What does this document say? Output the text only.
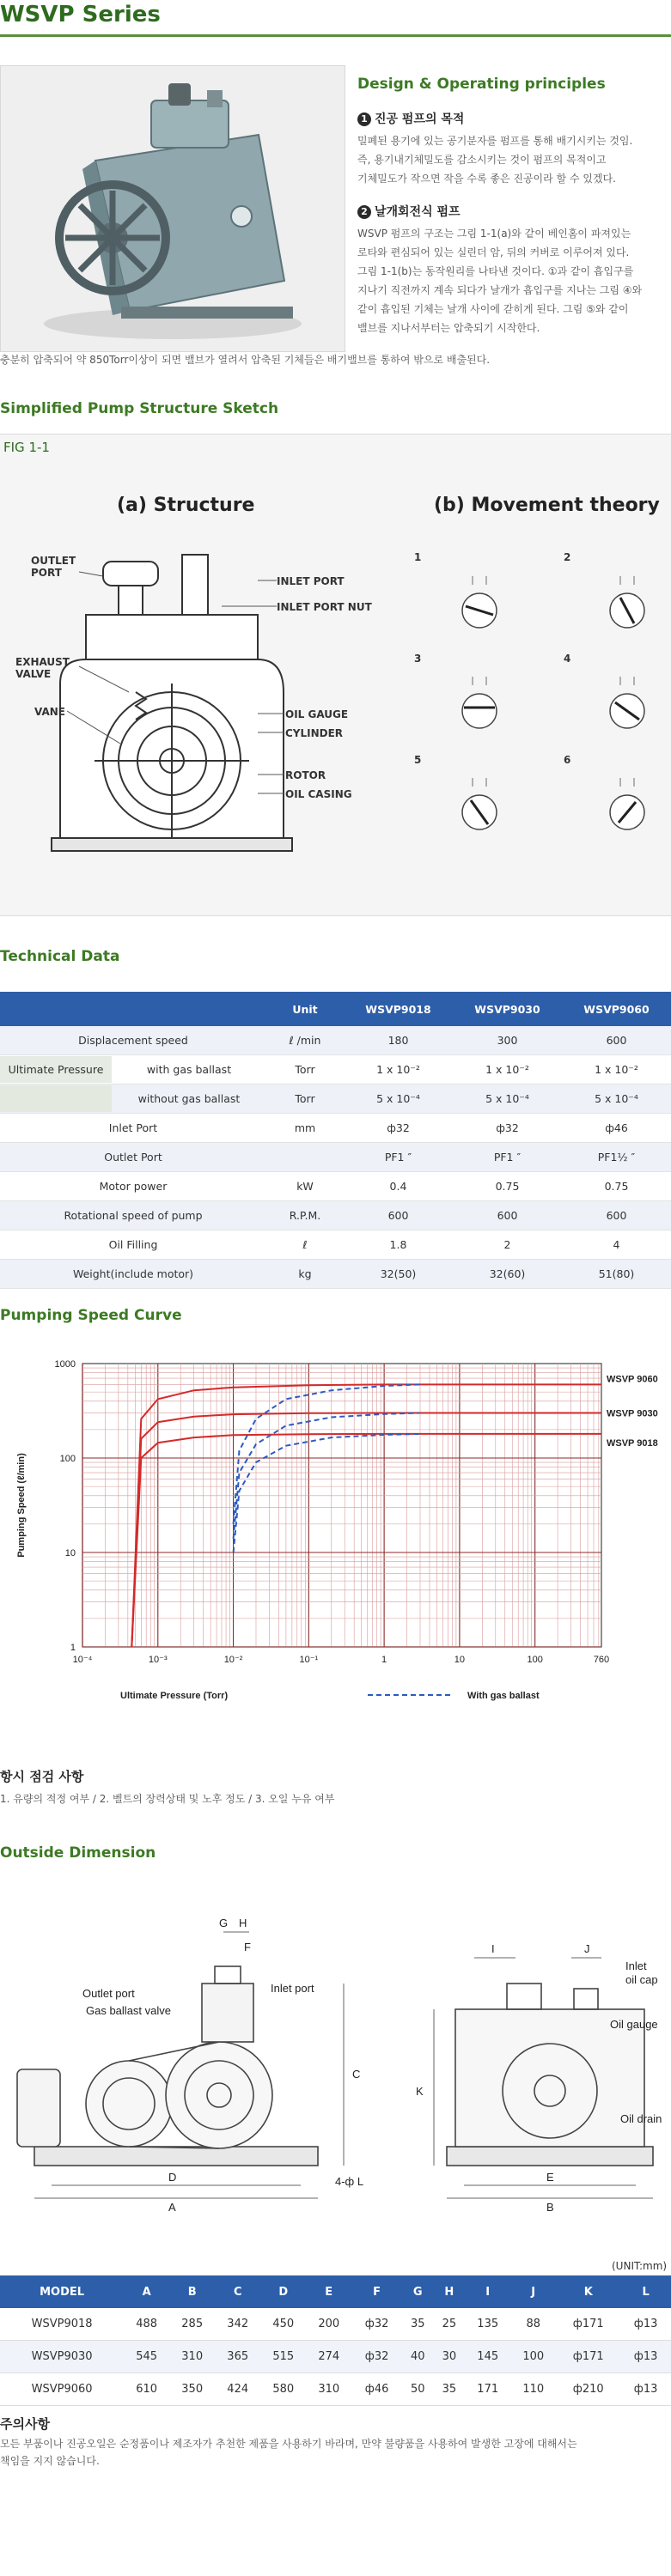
WSVP Series
Design & Operating principles
1 진공 펌프의 목적
밀폐된 용기에 있는 공기분자를 펌프를 통해 배기시키는 것임.
즉, 용기내기체밀도를 감소시키는 것이 펌프의 목적이고
기체밀도가 작으면 작을 수록 좋은 진공이라 할 수 있겠다.
2 날개회전식 펌프
WSVP 펌프의 구조는 그림 1-1(a)와 같이 베인홈이 파져있는
로타와 편심되어 있는 실린더 암, 뒤의 커버로 이루어져 있다.
그림 1-1(b)는 동작원리를 나타낸 것이다. ①과 같이 흡입구를
지나기 직전까지 계속 되다가 날개가 흡입구를 지나는 그림 ④와
같이 흡입된 기체는 날개 사이에 갇히게 된다. 그림 ⑤와 같이
밸브를 지나서부터는 압축되기 시작한다.
충분히 압축되어 약 850Torr이상이 되면 밸브가 열려서 압축된 기체들은 배기밸브를 통하여 밖으로 배출된다.
Simplified Pump Structure Sketch
FIG 1-1
(a) Structure	(b) Movement theory
OUTLET
PORT
EXHAUST
VALVE
VANE
INLET PORT
INLET PORT NUT
OIL GAUGE
CYLINDER
ROTOR
OIL CASING
1	2
3	4
5	6
Technical Data
	Unit	WSVP9018	WSVP9030	WSVP9060
Displacement speed	ℓ /min	180	300	600

Ultimate Pressure with gas ballast	Torr	1 x 10⁻²	1 x 10⁻²	1 x 10⁻²

without gas ballast	Torr	5 x 10⁻⁴	5 x 10⁻⁴	5 x 10⁻⁴
Inlet Port	mm	ф32	ф32	ф46
Outlet Port		PF1 ″	PF1 ″	PF1½ ″
Motor power	kW	0.4	0.75	0.75
Rotational speed of pump	R.P.M.	600	600	600
Oil Filling	ℓ	1.8	2	4
Weight(include motor)	kg	32(50)	32(60)	51(80)
Pumping Speed Curve
WSVP 9060
WSVP 9030
WSVP 9018
10⁻⁴	10⁻³	10⁻²	10⁻¹	1	10	100	760
1000
100
10
1
Ultimate Pressure (Torr)
Pumping Speed (ℓ/min)
With gas ballast
항시 점검 사항
1. 유량의 적정 여부 / 2. 벨트의 장력상태 및 노후 정도 / 3. 오일 누유 여부
Outside Dimension
Outlet port
Gas ballast valve
Inlet port
G H
F
Inlet
oil cap
Oil gauge
Oil drain
A	B
C
D	E
I	J
K
4-ф L
(UNIT:mm)
MODEL	A	B	C	D	E	F	G	H	I	J	K	L
WSVP9018	488	285	342	450	200	ф32	35	25	135	88	ф171	ф13
WSVP9030	545	310	365	515	274	ф32	40	30	145	100	ф171	ф13
WSVP9060	610	350	424	580	310	ф46	50	35	171	110	ф210	ф13
주의사항
모든 부품이나 진공오일은 순정품이나 제조자가 추천한 제품을 사용하기 바라며, 만약 불량품을 사용하여 발생한 고장에 대해서는
책임을 지지 않습니다.
